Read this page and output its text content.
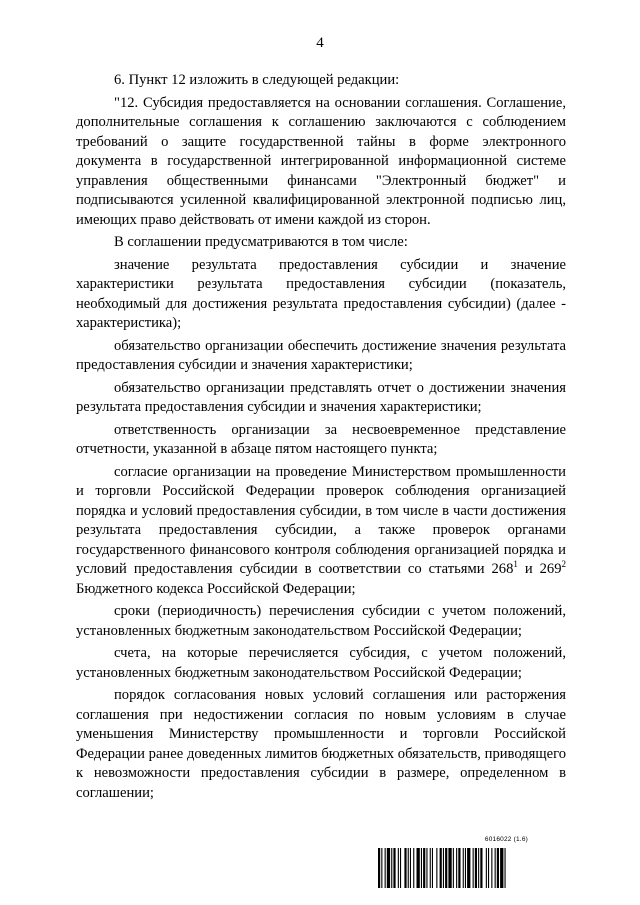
4

6. Пункт 12 изложить в следующей редакции:

"12. Субсидия предоставляется на основании соглашения. Соглашение, дополнительные соглашения к соглашению заключаются с соблюдением требований о защите государственной тайны в форме электронного документа в государственной интегрированной информационной системе управления общественными финансами "Электронный бюджет" и подписываются усиленной квалифицированной электронной подписью лиц, имеющих право действовать от имени каждой из сторон.

В соглашении предусматриваются в том числе:

значение результата предоставления субсидии и значение характеристики результата предоставления субсидии (показатель, необходимый для достижения результата предоставления субсидии) (далее - характеристика);

обязательство организации обеспечить достижение значения результата предоставления субсидии и значения характеристики;

обязательство организации представлять отчет о достижении значения результата предоставления субсидии и значения характеристики;

ответственность организации за несвоевременное представление отчетности, указанной в абзаце пятом настоящего пункта;

согласие организации на проведение Министерством промышленности и торговли Российской Федерации проверок соблюдения организацией порядка и условий предоставления субсидии, в том числе в части достижения результата предоставления субсидии, а также проверок органами государственного финансового контроля соблюдения организацией порядка и условий предоставления субсидии в соответствии со статьями $268^1$ и $269^2$ Бюджетного кодекса Российской Федерации;

сроки (периодичность) перечисления субсидии с учетом положений, установленных бюджетным законодательством Российской Федерации;

счета, на которые перечисляется субсидия, с учетом положений, установленных бюджетным законодательством Российской Федерации;

порядок согласования новых условий соглашения или расторжения соглашения при недостижении согласия по новым условиям в случае уменьшения Министерству промышленности и торговли Российской Федерации ранее доведенных лимитов бюджетных обязательств, приводящего к невозможности предоставления субсидии в размере, определенном в соглашении;

6016022 (1.6)
